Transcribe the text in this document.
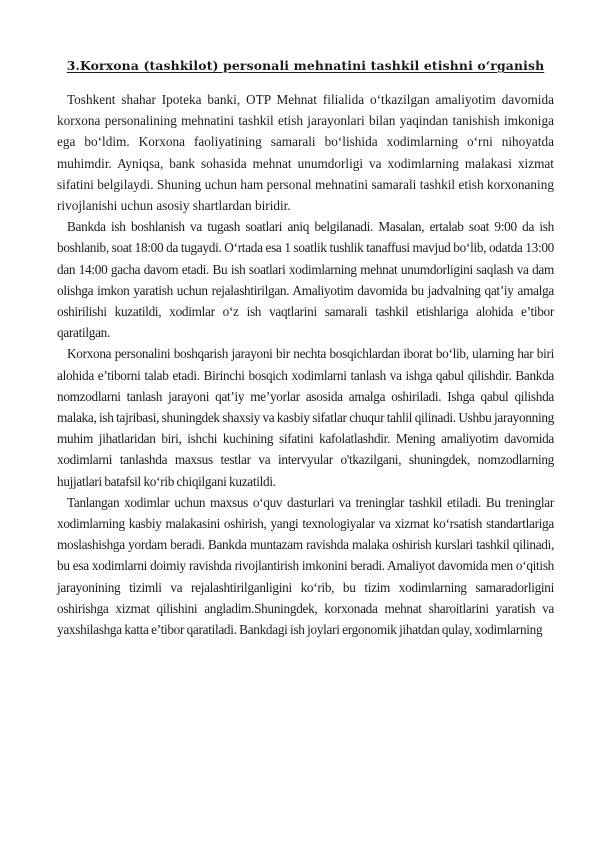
3.Korxona (tashkilot) personali mehnatini tashkil etishni o‘rganish

Toshkent shahar Ipoteka banki, OTP Mehnat filialida o‘tkazilgan amaliyotim davomida korxona personalining mehnatini tashkil etish jarayonlari bilan yaqindan tanishish imkoniga ega bo‘ldim. Korxona faoliyatining samarali bo‘lishida xodimlarning o‘rni nihoyatda muhimdir. Ayniqsa, bank sohasida mehnat unumdorligi va xodimlarning malakasi xizmat sifatini belgilaydi. Shuning uchun ham personal mehnatini samarali tashkil etish korxonaning rivojlanishi uchun asosiy shartlardan biridir.

Bankda ish boshlanish va tugash soatlari aniq belgilanadi. Masalan, ertalab soat 9:00 da ish boshlanib, soat 18:00 da tugaydi. O‘rtada esa 1 soatlik tushlik tanaffusi mavjud bo‘lib, odatda 13:00 dan 14:00 gacha davom etadi. Bu ish soatlari xodimlarning mehnat unumdorligini saqlash va dam olishga imkon yaratish uchun rejalashtirilgan. Amaliyotim davomida bu jadvalning qat’iy amalga oshirilishi kuzatildi, xodimlar o‘z ish vaqtlarini samarali tashkil etishlariga alohida e’tibor qaratilgan.

Korxona personalini boshqarish jarayoni bir nechta bosqichlardan iborat bo‘lib, ularning har biri alohida e’tiborni talab etadi. Birinchi bosqich xodimlarni tanlash va ishga qabul qilishdir. Bankda nomzodlarni tanlash jarayoni qat’iy me’yorlar asosida amalga oshiriladi. Ishga qabul qilishda malaka, ish tajribasi, shuningdek shaxsiy va kasbiy sifatlar chuqur tahlil qilinadi. Ushbu jarayonning muhim jihatlaridan biri, ishchi kuchining sifatini kafolatlashdir. Mening amaliyotim davomida xodimlarni tanlashda maxsus testlar va intervyular o'tkazilgani, shuningdek, nomzodlarning hujjatlari batafsil ko‘rib chiqilgani kuzatildi.

Tanlangan xodimlar uchun maxsus o‘quv dasturlari va treninglar tashkil etiladi. Bu treninglar xodimlarning kasbiy malakasini oshirish, yangi texnologiyalar va xizmat ko‘rsatish standartlariga moslashishga yordam beradi. Bankda muntazam ravishda malaka oshirish kurslari tashkil qilinadi, bu esa xodimlarni doimiy ravishda rivojlantirish imkonini beradi. Amaliyot davomida men o‘qitish jarayonining tizimli va rejalashtirilganligini ko‘rib, bu tizim xodimlarning samaradorligini oshirishga xizmat qilishini angladim.Shuningdek, korxonada mehnat sharoitlarini yaratish va yaxshilashga katta e’tibor qaratiladi. Bankdagi ish joylari ergonomik jihatdan qulay, xodimlarning
